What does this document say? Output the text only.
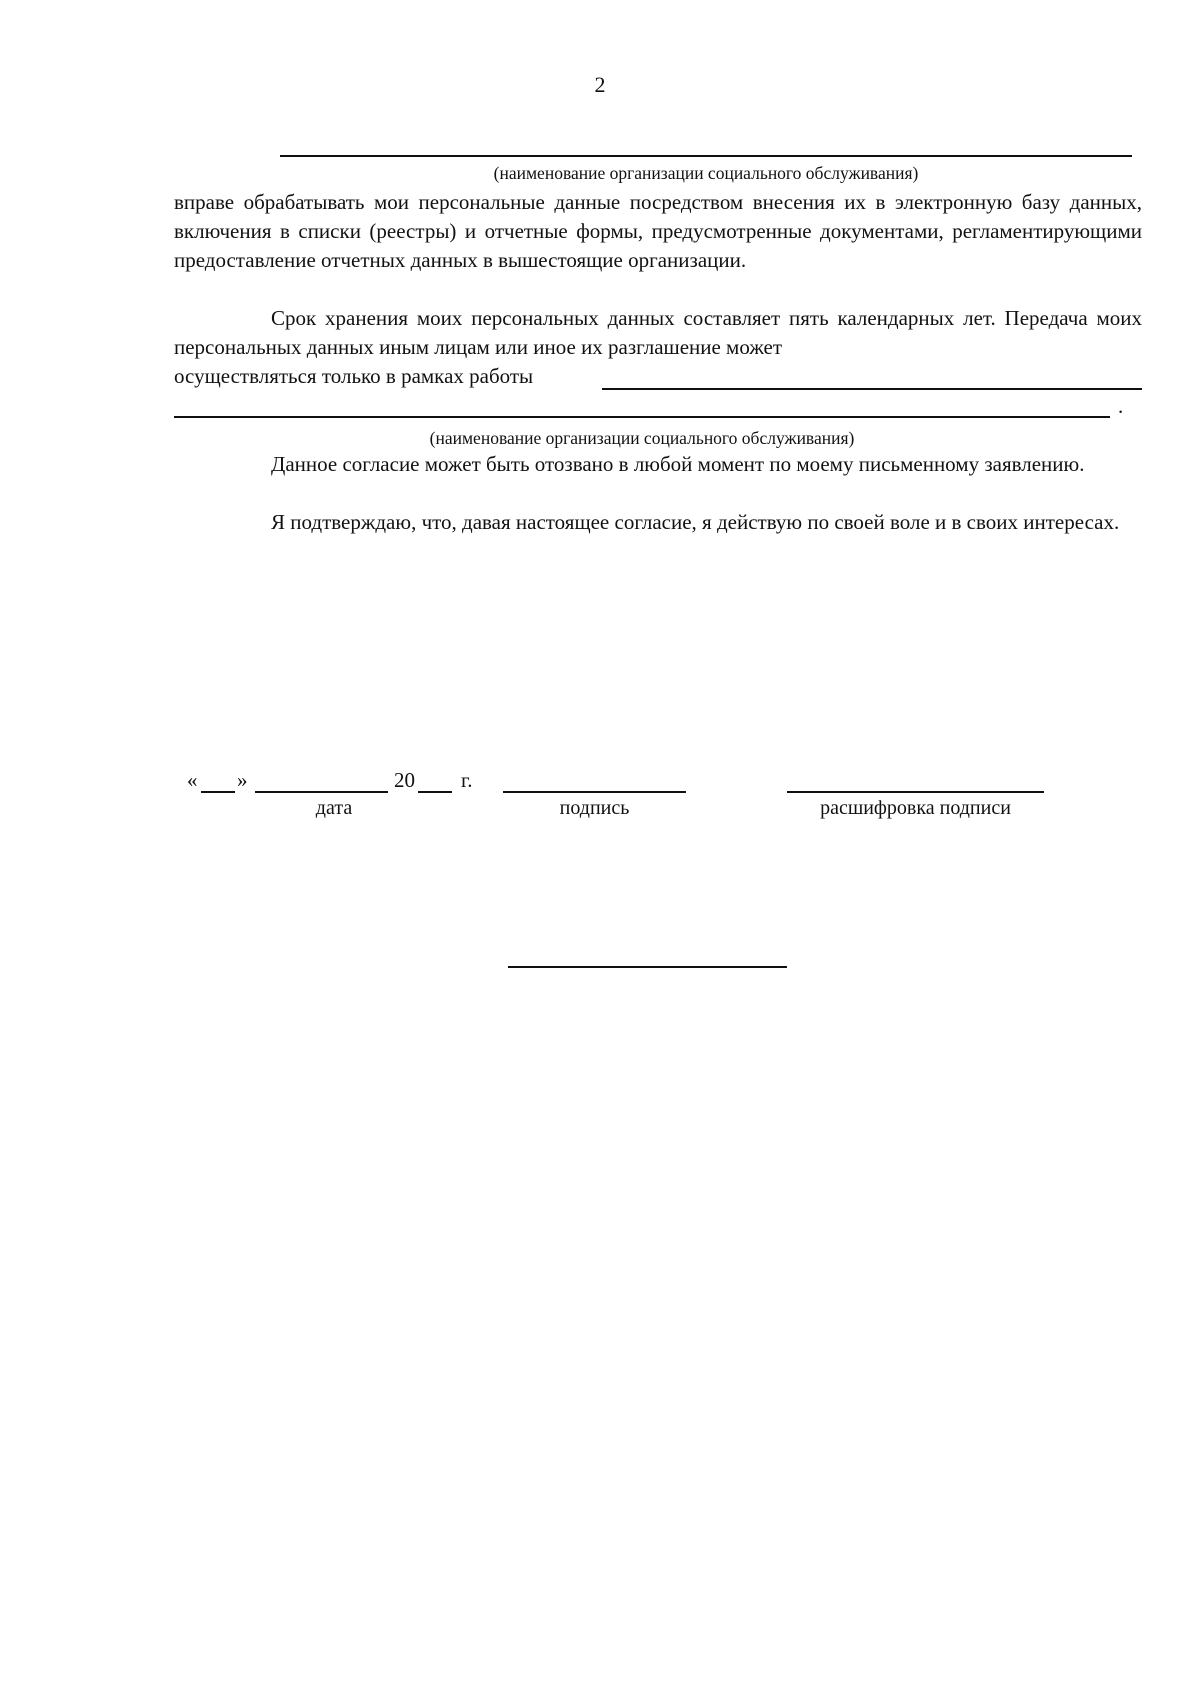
2
(наименование организации социального обслуживания)
вправе обрабатывать мои персональные данные посредством внесения их в электронную базу данных, включения в списки (реестры) и отчетные формы, предусмотренные документами, регламентирующими предоставление отчетных данных в вышестоящие организации.
Срок хранения моих персональных данных составляет пять календарных лет. Передача моих персональных данных иным лицам или иное их разглашение может
осуществляться только в рамках работы
.
(наименование организации социального обслуживания)
Данное согласие может быть отозвано в любой момент по моему письменному заявлению.
Я подтверждаю, что, давая настоящее согласие, я действую по своей воле и в своих интересах.
« »	20 г.
дата	подпись	расшифровка подписи
